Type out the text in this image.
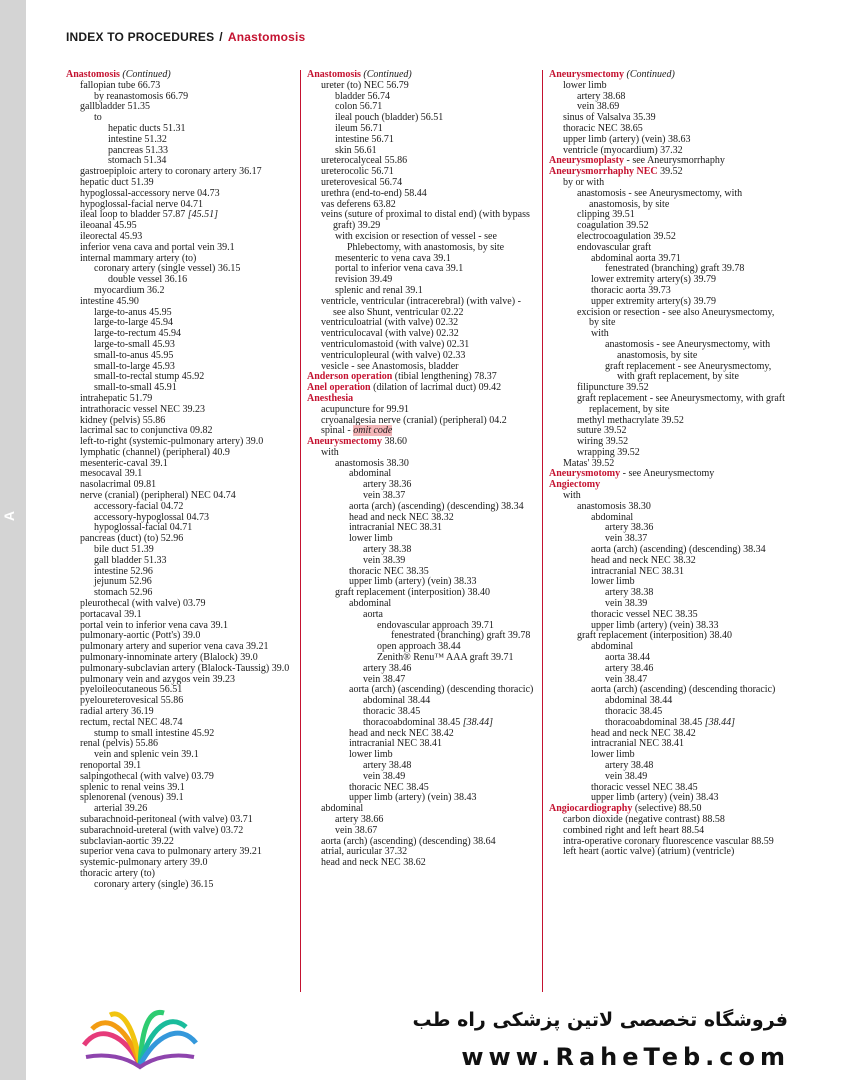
A
INDEX TO PROCEDURES / Anastomosis
Anastomosis (Continued)
fallopian tube 66.73
by reanastomosis 66.79
gallbladder 51.35
to
hepatic ducts 51.31
intestine 51.32
pancreas 51.33
stomach 51.34
gastroepiploic artery to coronary artery 36.17
hepatic duct 51.39
hypoglossal-accessory nerve 04.73
hypoglossal-facial nerve 04.71
ileal loop to bladder 57.87 [45.51]
ileoanal 45.95
ileorectal 45.93
inferior vena cava and portal vein 39.1
internal mammary artery (to)
coronary artery (single vessel) 36.15
double vessel 36.16
myocardium 36.2
intestine 45.90
large-to-anus 45.95
large-to-large 45.94
large-to-rectum 45.94
large-to-small 45.93
small-to-anus 45.95
small-to-large 45.93
small-to-rectal stump 45.92
small-to-small 45.91
intrahepatic 51.79
intrathoracic vessel NEC 39.23
kidney (pelvis) 55.86
lacrimal sac to conjunctiva 09.82
left-to-right (systemic-pulmonary artery) 39.0
lymphatic (channel) (peripheral) 40.9
mesenteric-caval 39.1
mesocaval 39.1
nasolacrimal 09.81
nerve (cranial) (peripheral) NEC 04.74
accessory-facial 04.72
accessory-hypoglossal 04.73
hypoglossal-facial 04.71
pancreas (duct) (to) 52.96
bile duct 51.39
gall bladder 51.33
intestine 52.96
jejunum 52.96
stomach 52.96
pleurothecal (with valve) 03.79
portacaval 39.1
portal vein to inferior vena cava 39.1
pulmonary-aortic (Pott's) 39.0
pulmonary artery and superior vena cava 39.21
pulmonary-innominate artery (Blalock) 39.0
pulmonary-subclavian artery (Blalock-Taussig) 39.0
pulmonary vein and azygos vein 39.23
pyeloileocutaneous 56.51
pyeloureterovesical 55.86
radial artery 36.19
rectum, rectal NEC 48.74
stump to small intestine 45.92
renal (pelvis) 55.86
vein and splenic vein 39.1
renoportal 39.1
salpingothecal (with valve) 03.79
splenic to renal veins 39.1
splenorenal (venous) 39.1
arterial 39.26
subarachnoid-peritoneal (with valve) 03.71
subarachnoid-ureteral (with valve) 03.72
subclavian-aortic 39.22
superior vena cava to pulmonary artery 39.21
systemic-pulmonary artery 39.0
thoracic artery (to)
coronary artery (single) 36.15
Anastomosis (Continued)
ureter (to) NEC 56.79
bladder 56.74
colon 56.71
ileal pouch (bladder) 56.51
ileum 56.71
intestine 56.71
skin 56.61
ureterocalyceal 55.86
ureterocolic 56.71
ureterovesical 56.74
urethra (end-to-end) 58.44
vas deferens 63.82
veins (suture of proximal to distal end) (with bypass graft) 39.29
with excision or resection of vessel - see Phlebectomy, with anastomosis, by site
mesenteric to vena cava 39.1
portal to inferior vena cava 39.1
revision 39.49
splenic and renal 39.1
ventricle, ventricular (intracerebral) (with valve) - see also Shunt, ventricular 02.22
ventriculoatrial (with valve) 02.32
ventriculocaval (with valve) 02.32
ventriculomastoid (with valve) 02.31
ventriculopleural (with valve) 02.33
vesicle - see Anastomosis, bladder
Anderson operation (tibial lengthening) 78.37
Anel operation (dilation of lacrimal duct) 09.42
Anesthesia
acupuncture for 99.91
cryoanalgesia nerve (cranial) (peripheral) 04.2
spinal - omit code
Aneurysmectomy 38.60
with
anastomosis 38.30
abdominal
artery 38.36
vein 38.37
aorta (arch) (ascending) (descending) 38.34
head and neck NEC 38.32
intracranial NEC 38.31
lower limb
artery 38.38
vein 38.39
thoracic NEC 38.35
upper limb (artery) (vein) 38.33
graft replacement (interposition) 38.40
abdominal
aorta
endovascular approach 39.71
fenestrated (branching) graft 39.78
open approach 38.44
Zenith® Renu™ AAA graft 39.71
artery 38.46
vein 38.47
aorta (arch) (ascending) (descending thoracic)
abdominal 38.44
thoracic 38.45
thoracoabdominal 38.45 [38.44]
head and neck NEC 38.42
intracranial NEC 38.41
lower limb
artery 38.48
vein 38.49
thoracic NEC 38.45
upper limb (artery) (vein) 38.43
abdominal
artery 38.66
vein 38.67
aorta (arch) (ascending) (descending) 38.64
atrial, auricular 37.32
head and neck NEC 38.62
Aneurysmectomy (Continued)
lower limb
artery 38.68
vein 38.69
sinus of Valsalva 35.39
thoracic NEC 38.65
upper limb (artery) (vein) 38.63
ventricle (myocardium) 37.32
Aneurysmoplasty - see Aneurysmorrhaphy
Aneurysmorrhaphy NEC 39.52
by or with
anastomosis - see Aneurysmectomy, with anastomosis, by site
clipping 39.51
coagulation 39.52
electrocoagulation 39.52
endovascular graft
abdominal aorta 39.71
fenestrated (branching) graft 39.78
lower extremity artery(s) 39.79
thoracic aorta 39.73
upper extremity artery(s) 39.79
excision or resection - see also Aneurysmectomy, by site
with
anastomosis - see Aneurysmectomy, with anastomosis, by site
graft replacement - see Aneurysmectomy, with graft replacement, by site
filipuncture 39.52
graft replacement - see Aneurysmectomy, with graft replacement, by site
methyl methacrylate 39.52
suture 39.52
wiring 39.52
wrapping 39.52
Matas' 39.52
Aneurysmotomy - see Aneurysmectomy
Angiectomy
with
anastomosis 38.30
abdominal
artery 38.36
vein 38.37
aorta (arch) (ascending) (descending) 38.34
head and neck NEC 38.32
intracranial NEC 38.31
lower limb
artery 38.38
vein 38.39
thoracic vessel NEC 38.35
upper limb (artery) (vein) 38.33
graft replacement (interposition) 38.40
abdominal
aorta 38.44
artery 38.46
vein 38.47
aorta (arch) (ascending) (descending thoracic)
abdominal 38.44
thoracic 38.45
thoracoabdominal 38.45 [38.44]
head and neck NEC 38.42
intracranial NEC 38.41
lower limb
artery 38.48
vein 38.49
thoracic vessel NEC 38.45
upper limb (artery) (vein) 38.43
Angiocardiography (selective) 88.50
carbon dioxide (negative contrast) 88.58
combined right and left heart 88.54
intra-operative coronary fluorescence vascular 88.59
left heart (aortic valve) (atrium) (ventricle)
فروشگاه تخصصی لاتین پزشکی راه طب
www.RaheTeb.com
